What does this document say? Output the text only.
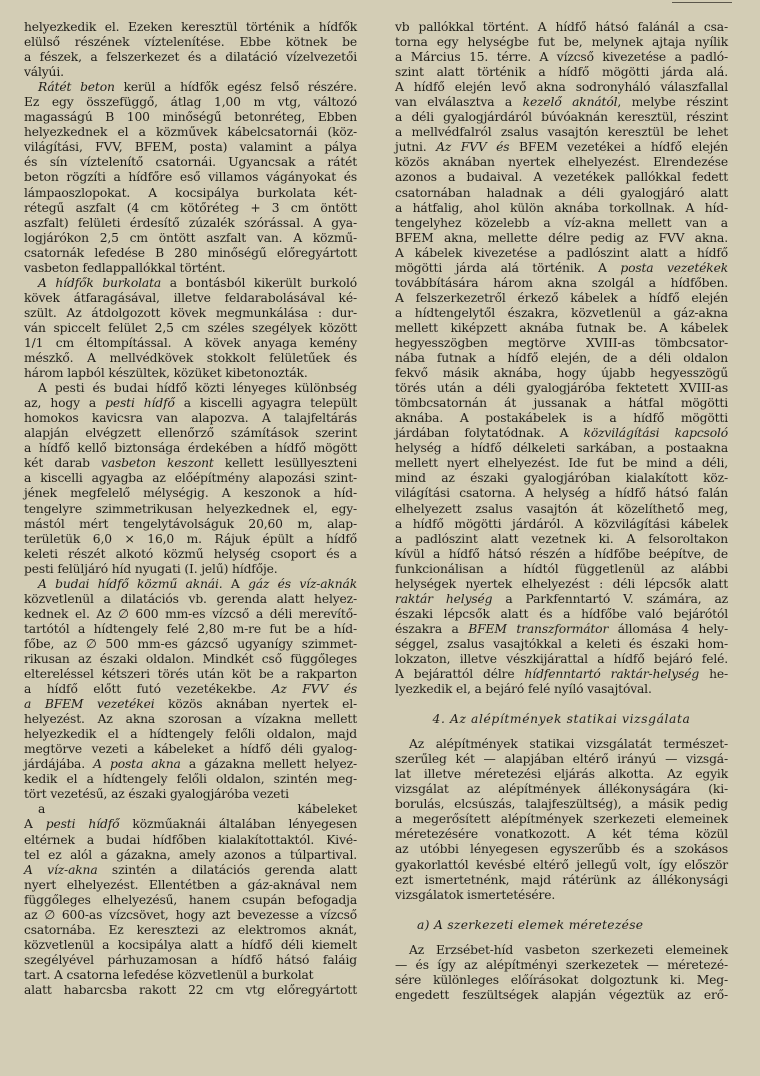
helyezkedik el. Ezeken keresztül történik a hídfők
elülső részének víztelenítése. Ebbe kötnek be
a fészek, a felszerkezet és a dilatáció vízelvezetői
vályúi.
Rátét beton kerül a hídfők egész felső részére.
Ez egy összefüggő, átlag 1,00 m vtg, változó
magasságú B 100 minőségű betonréteg, Ebben
helyezkednek el a közművek kábelcsatornái (köz-
világítási, FVV, BFEM, posta) valamint a pálya
és sín víztelenítő csatornái. Ugyancsak a rátét
beton rögzíti a hídfőre eső villamos vágányokat és
lámpaoszlopokat. A kocsipálya burkolata két-
rétegű aszfalt (4 cm kötőréteg + 3 cm öntött
aszfalt) felületi érdesítő zúzalék szórással. A gya-
logjárókon 2,5 cm öntött aszfalt van. A közmű-
csatornák lefedése B 280 minőségű előregyártott
vasbeton fedlappallókkal történt.
A hídfők burkolata a bontásból kikerült burkoló
kövek átfaragásával, illetve feldarabolásával ké-
szült. Az átdolgozott kövek megmunkálása : dur-
ván spiccelt felület 2,5 cm széles szegélyek között
1/1 cm éltompítással. A kövek anyaga kemény
mészkő. A mellvédkövek stokkolt felületűek és
három lapból készültek, közüket kibetonozták.
A pesti és budai hídfő közti lényeges különbség
az, hogy a pesti hídfő a kiscelli agyagra települt
homokos kavicsra van alapozva. A talajfeltárás
alapján elvégzett ellenőrző számítások szerint
a hídfő kellő biztonsága érdekében a hídfő mögött
két darab vasbeton keszont kellett lesüllyeszteni
a kiscelli agyagba az előépítmény alapozási szint-
jének megfelelő mélységig. A keszonok a híd-
tengelyre szimmetrikusan helyezkednek el, egy-
mástól mért tengelytávolságuk 20,60 m, alap-
területük 6,0 × 16,0 m. Rájuk épült a hídfő
keleti részét alkotó közmű helység csoport és a
pesti felüljáró híd nyugati (I. jelű) hídfője.
A budai hídfő közmű aknái. A gáz és víz-aknák
közvetlenül a dilatációs vb. gerenda alatt helyez-
kednek el. Az ∅ 600 mm-es vízcső a déli merevítő-
tartótól a hídtengely felé 2,80 m-re fut be a híd-
főbe, az ∅ 500 mm-es gázcső ugyanígy szimmet-
rikusan az északi oldalon. Mindkét cső függőleges
eltereléssel kétszeri törés után köt be a rakparton
a hídfő előtt futó vezetékekbe. Az FVV és
a BFEM vezetékei közös aknában nyertek el-
helyezést. Az akna szorosan a vízakna mellett
helyezkedik el a hídtengely felőli oldalon, majd
megtörve vezeti a kábeleket a hídfő déli gyalog-
járdájába. A posta akna a gázakna mellett helyez-
kedik el a hídtengely felőli oldalon, szintén meg-
tört vezetésű, az északi gyalogjáróba vezeti
a kábeleket
A pesti hídfő közműaknái általában lényegesen
eltérnek a budai hídfőben kialakítottaktól. Kivé-
tel ez alól a gázakna, amely azonos a túlpartival.
A víz-akna szintén a dilatációs gerenda alatt
nyert elhelyezést. Ellentétben a gáz-aknával nem
függőleges elhelyezésű, hanem csupán befogadja
az ∅ 600-as vízcsövet, hogy azt bevezesse a vízcső
csatornába. Ez keresztezi az elektromos aknát,
közvetlenül a kocsipálya alatt a hídfő déli kiemelt
szegélyével párhuzamosan a hídfő hátsó faláig
tart. A csatorna lefedése közvetlenül a burkolat
alatt habarcsba rakott 22 cm vtg előregyártott
vb pallókkal történt. A hídfő hátsó falánál a csa-
torna egy helységbe fut be, melynek ajtaja nyílik
a Március 15. térre. A vízcső kivezetése a padló-
szint alatt történik a hídfő mögötti járda alá.
A hídfő elején levő akna sodronyháló válaszfallal
van elválasztva a kezelő aknától, melybe részint
a déli gyalogjárdáról búvóaknán keresztül, részint
a mellvédfalról zsalus vasajtón keresztül be lehet
jutni. Az FVV és BFEM vezetékei a hídfő elején
közös aknában nyertek elhelyezést. Elrendezése
azonos a budaival. A vezetékek pallókkal fedett
csatornában haladnak a déli gyalogjáró alatt
a hátfalig, ahol külön aknába torkollnak. A híd-
tengelyhez közelebb a víz-akna mellett van a
BFEM akna, mellette délre pedig az FVV akna.
A kábelek kivezetése a padlószint alatt a hídfő
mögötti járda alá történik. A posta vezetékek
továbbítására három akna szolgál a hídfőben.
A felszerkezetről érkező kábelek a hídfő elején
a hídtengelytől északra, közvetlenül a gáz-akna
mellett kiképzett aknába futnak be. A kábelek
hegyesszögben megtörve XVIII-as tömbcsator-
nába futnak a hídfő elején, de a déli oldalon
fekvő másik aknába, hogy újabb hegyesszögű
törés után a déli gyalogjáróba fektetett XVIII-as
tömbcsatornán át jussanak a hátfal mögötti
aknába. A postakábelek is a hídfő mögötti
járdában folytatódnak. A közvilágítási kapcsoló
helység a hídfő délkeleti sarkában, a postaakna
mellett nyert elhelyezést. Ide fut be mind a déli,
mind az északi gyalogjáróban kialakított köz-
világítási csatorna. A helység a hídfő hátsó falán
elhelyezett zsalus vasajtón át közelíthető meg,
a hídfő mögötti járdáról. A közvilágítási kábelek
a padlószint alatt vezetnek ki. A felsoroltakon
kívül a hídfő hátsó részén a hídfőbe beépítve, de
funkcionálisan a hídtól függetlenül az alábbi
helységek nyertek elhelyezést : déli lépcsők alatt
raktár helység a Parkfenntartó V. számára, az
északi lépcsők alatt és a hídfőbe való bejárótól
északra a BFEM transzformátor állomása 4 hely-
séggel, zsalus vasajtókkal a keleti és északi hom-
lokzaton, illetve vészkijárattal a hídfő bejáró felé.
A bejárattól délre hídfenntartó raktár-helység he-
lyezkedik el, a bejáró felé nyíló vasajtóval.
4. Az alépítmények statikai vizsgálata
Az alépítmények statikai vizsgálatát természet-
szerűleg két — alapjában eltérő irányú — vizsgá-
lat illetve méretezési eljárás alkotta. Az egyik
vizsgálat az alépítmények állékonyságára (ki-
borulás, elcsúszás, talajfeszültség), a másik pedig
a megerősített alépítmények szerkezeti elemeinek
méretezésére vonatkozott. A két téma közül
az utóbbi lényegesen egyszerűbb és a szokásos
gyakorlattól kevésbé eltérő jellegű volt, így először
ezt ismertetnénk, majd rátérünk az állékonysági
vizsgálatok ismertetésére.
a) A szerkezeti elemek méretezése
Az Erzsébet-híd vasbeton szerkezeti elemeinek
— és így az alépítményi szerkezetek — méretezé-
sére különleges előírásokat dolgoztunk ki. Meg-
engedett feszültségek alapján végeztük az erő-
